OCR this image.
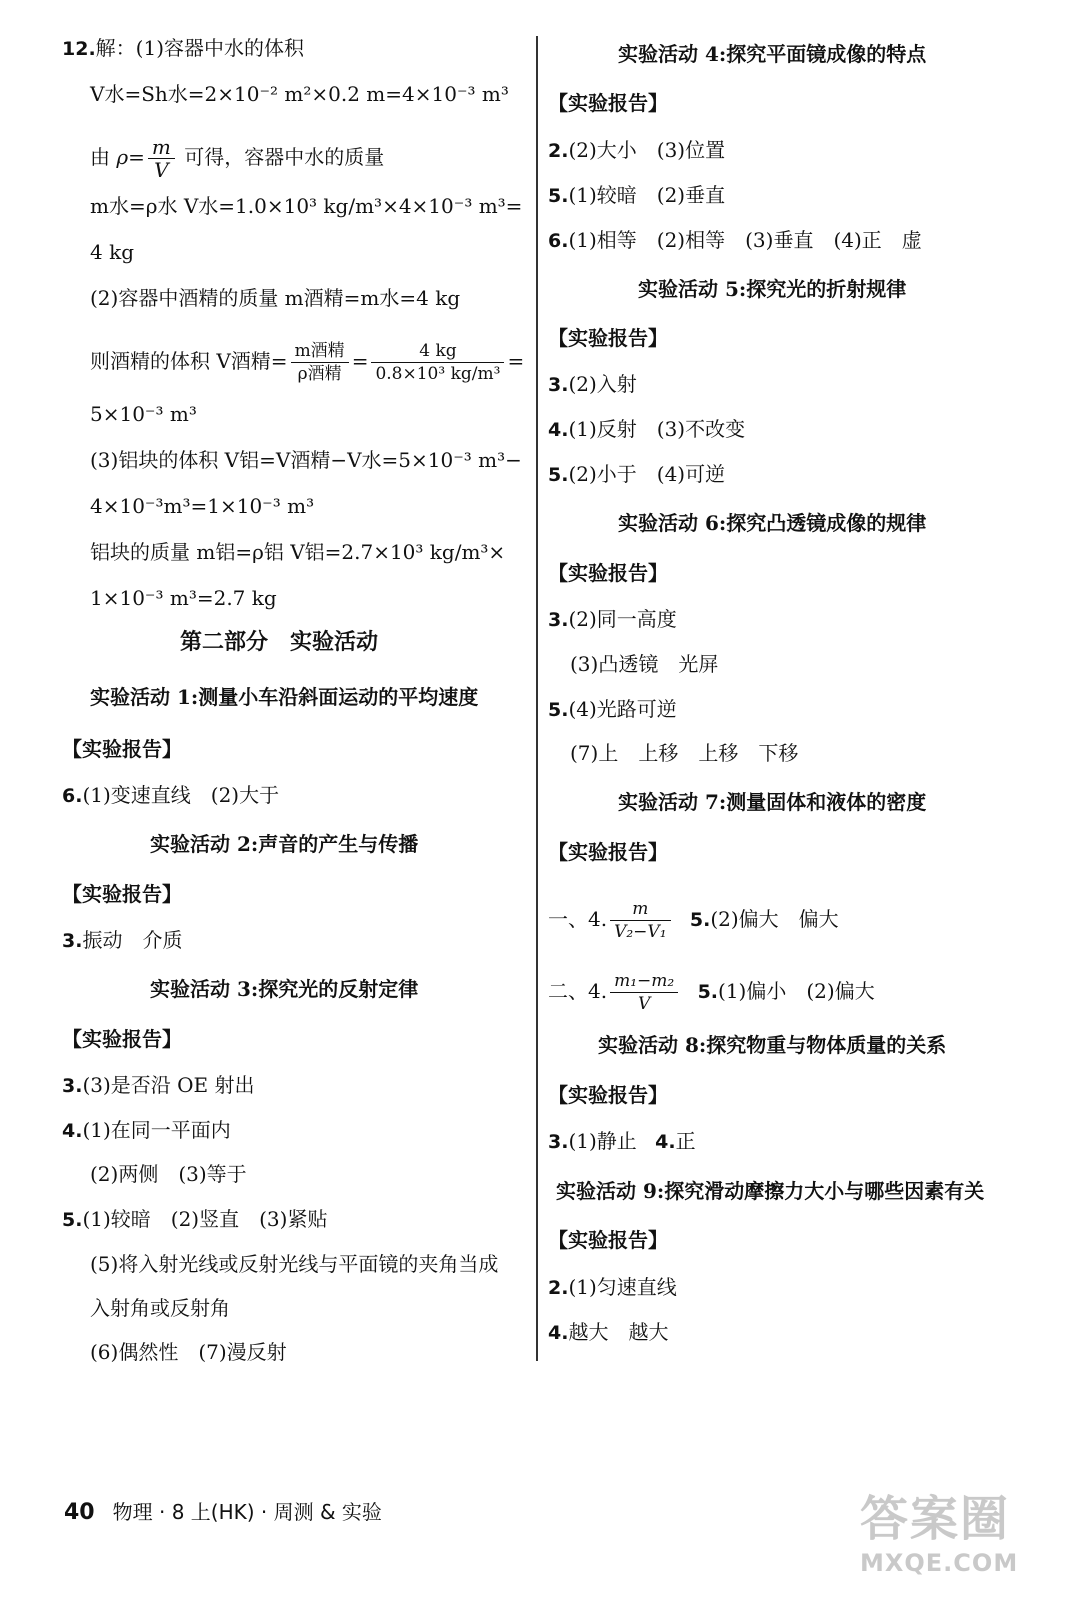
12.解：(1)容器中水的体积
V水=Sh水=2×10⁻² m²×0.2 m=4×10⁻³ m³
由 $\rho= \frac{m}{V}$ 可得，容器中水的质量
m水=ρ水 V水=1.0×10³ kg/m³×4×10⁻³ m³=
4 kg
(2)容器中酒精的质量 m酒精=m水=4 kg
则酒精的体积 V酒精= $\frac{\text{m酒精}}{\text{ρ酒精}} = \frac{4 kg}{\text{0.8×10³ kg/m³}}$ =
5×10⁻³ m³
(3)铝块的体积 V铝=V酒精−V水=5×10⁻³ m³−
4×10⁻³m³=1×10⁻³ m³
铝块的质量 m铝=ρ铝 V铝=2.7×10³ kg/m³×
1×10⁻³ m³=2.7 kg
第二部分　实验活动
实验活动 1:测量小车沿斜面运动的平均速度
【实验报告】
6.(1)变速直线　(2)大于
实验活动 2:声音的产生与传播
【实验报告】
3.振动　介质
实验活动 3:探究光的反射定律
【实验报告】
3.(3)是否沿 OE 射出
4.(1)在同一平面内
(2)两侧　(3)等于
5.(1)较暗　(2)竖直　(3)紧贴
(5)将入射光线或反射光线与平面镜的夹角当成
入射角或反射角
(6)偶然性　(7)漫反射
实验活动 4:探究平面镜成像的特点
【实验报告】
2.(2)大小　(3)位置
5.(1)较暗　(2)垂直
6.(1)相等　(2)相等　(3)垂直　(4)正　虚
实验活动 5:探究光的折射规律
【实验报告】
3.(2)入射
4.(1)反射　(3)不改变
5.(2)小于　(4)可逆
实验活动 6:探究凸透镜成像的规律
【实验报告】
3.(2)同一高度
(3)凸透镜　光屏
5.(4)光路可逆
(7)上　上移　上移　下移
实验活动 7:测量固体和液体的密度
【实验报告】
一、4. $\frac{m}{\text{V₂−V₁}} 5.(2)$偏大　偏大
二、4. $\frac{\text{m₁−m₂}}{V} 5.(1)$偏小　(2)偏大
实验活动 8:探究物重与物体质量的关系
【实验报告】
3.(1)静止 4.正
实验活动 9:探究滑动摩擦力大小与哪些因素有关
【实验报告】
2.(1)匀速直线
4.越大　越大
40 物理 · 8 上(HK) · 周测 & 实验	答案圈
MXQE.COM
